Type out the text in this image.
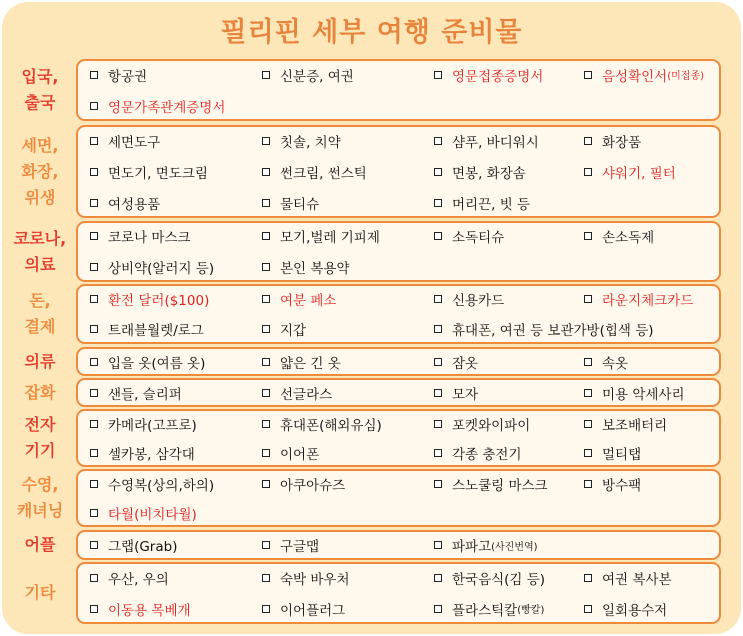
필리핀 세부 여행 준비물
입국,
출국
항공권	신분증, 여권	영문접종증명서	음성확인서 (미접종)
영문가족관계증명서
세면,
화장,
위생
세면도구	칫솔, 치약	샴푸, 바디워시	화장품
면도기, 면도크림	썬크림, 썬스틱	면봉, 화장솜	샤워기, 필터
여성용품	물티슈	머리끈, 빗 등
코로나,
의료
코로나 마스크	모기,벌레 기피제	소독티슈	손소독제
상비약(알러지 등)	본인 복용약
돈,
결제
환전 달러($100)	여분 페소	신용카드	라운지체크카드
트래블월렛/로그	지갑	휴대폰, 여권 등 보관가방(힙색 등)
의류	입을 옷(여름 옷)	얇은 긴 옷	잠옷	속옷
잡화	샌들, 슬리퍼	선글라스	모자	미용 악세사리
전자
기기
카메라(고프로)	휴대폰(해외유심)	포켓와이파이	보조배터리
셀카봉, 삼각대	이어폰	각종 충전기	멀티탭
수영,
캐녀닝
수영복(상의,하의)	아쿠아슈즈	스노쿨링 마스크	방수팩
타월(비치타월)
어플	그랩(Grab)	구글맵	파파고 (사진번역)
기타
우산, 우의	숙박 바우처	한국음식(김 등)	여권 복사본
이동용 목베개	이어플러그	플라스틱칼 (빵칼)	일회용수저
